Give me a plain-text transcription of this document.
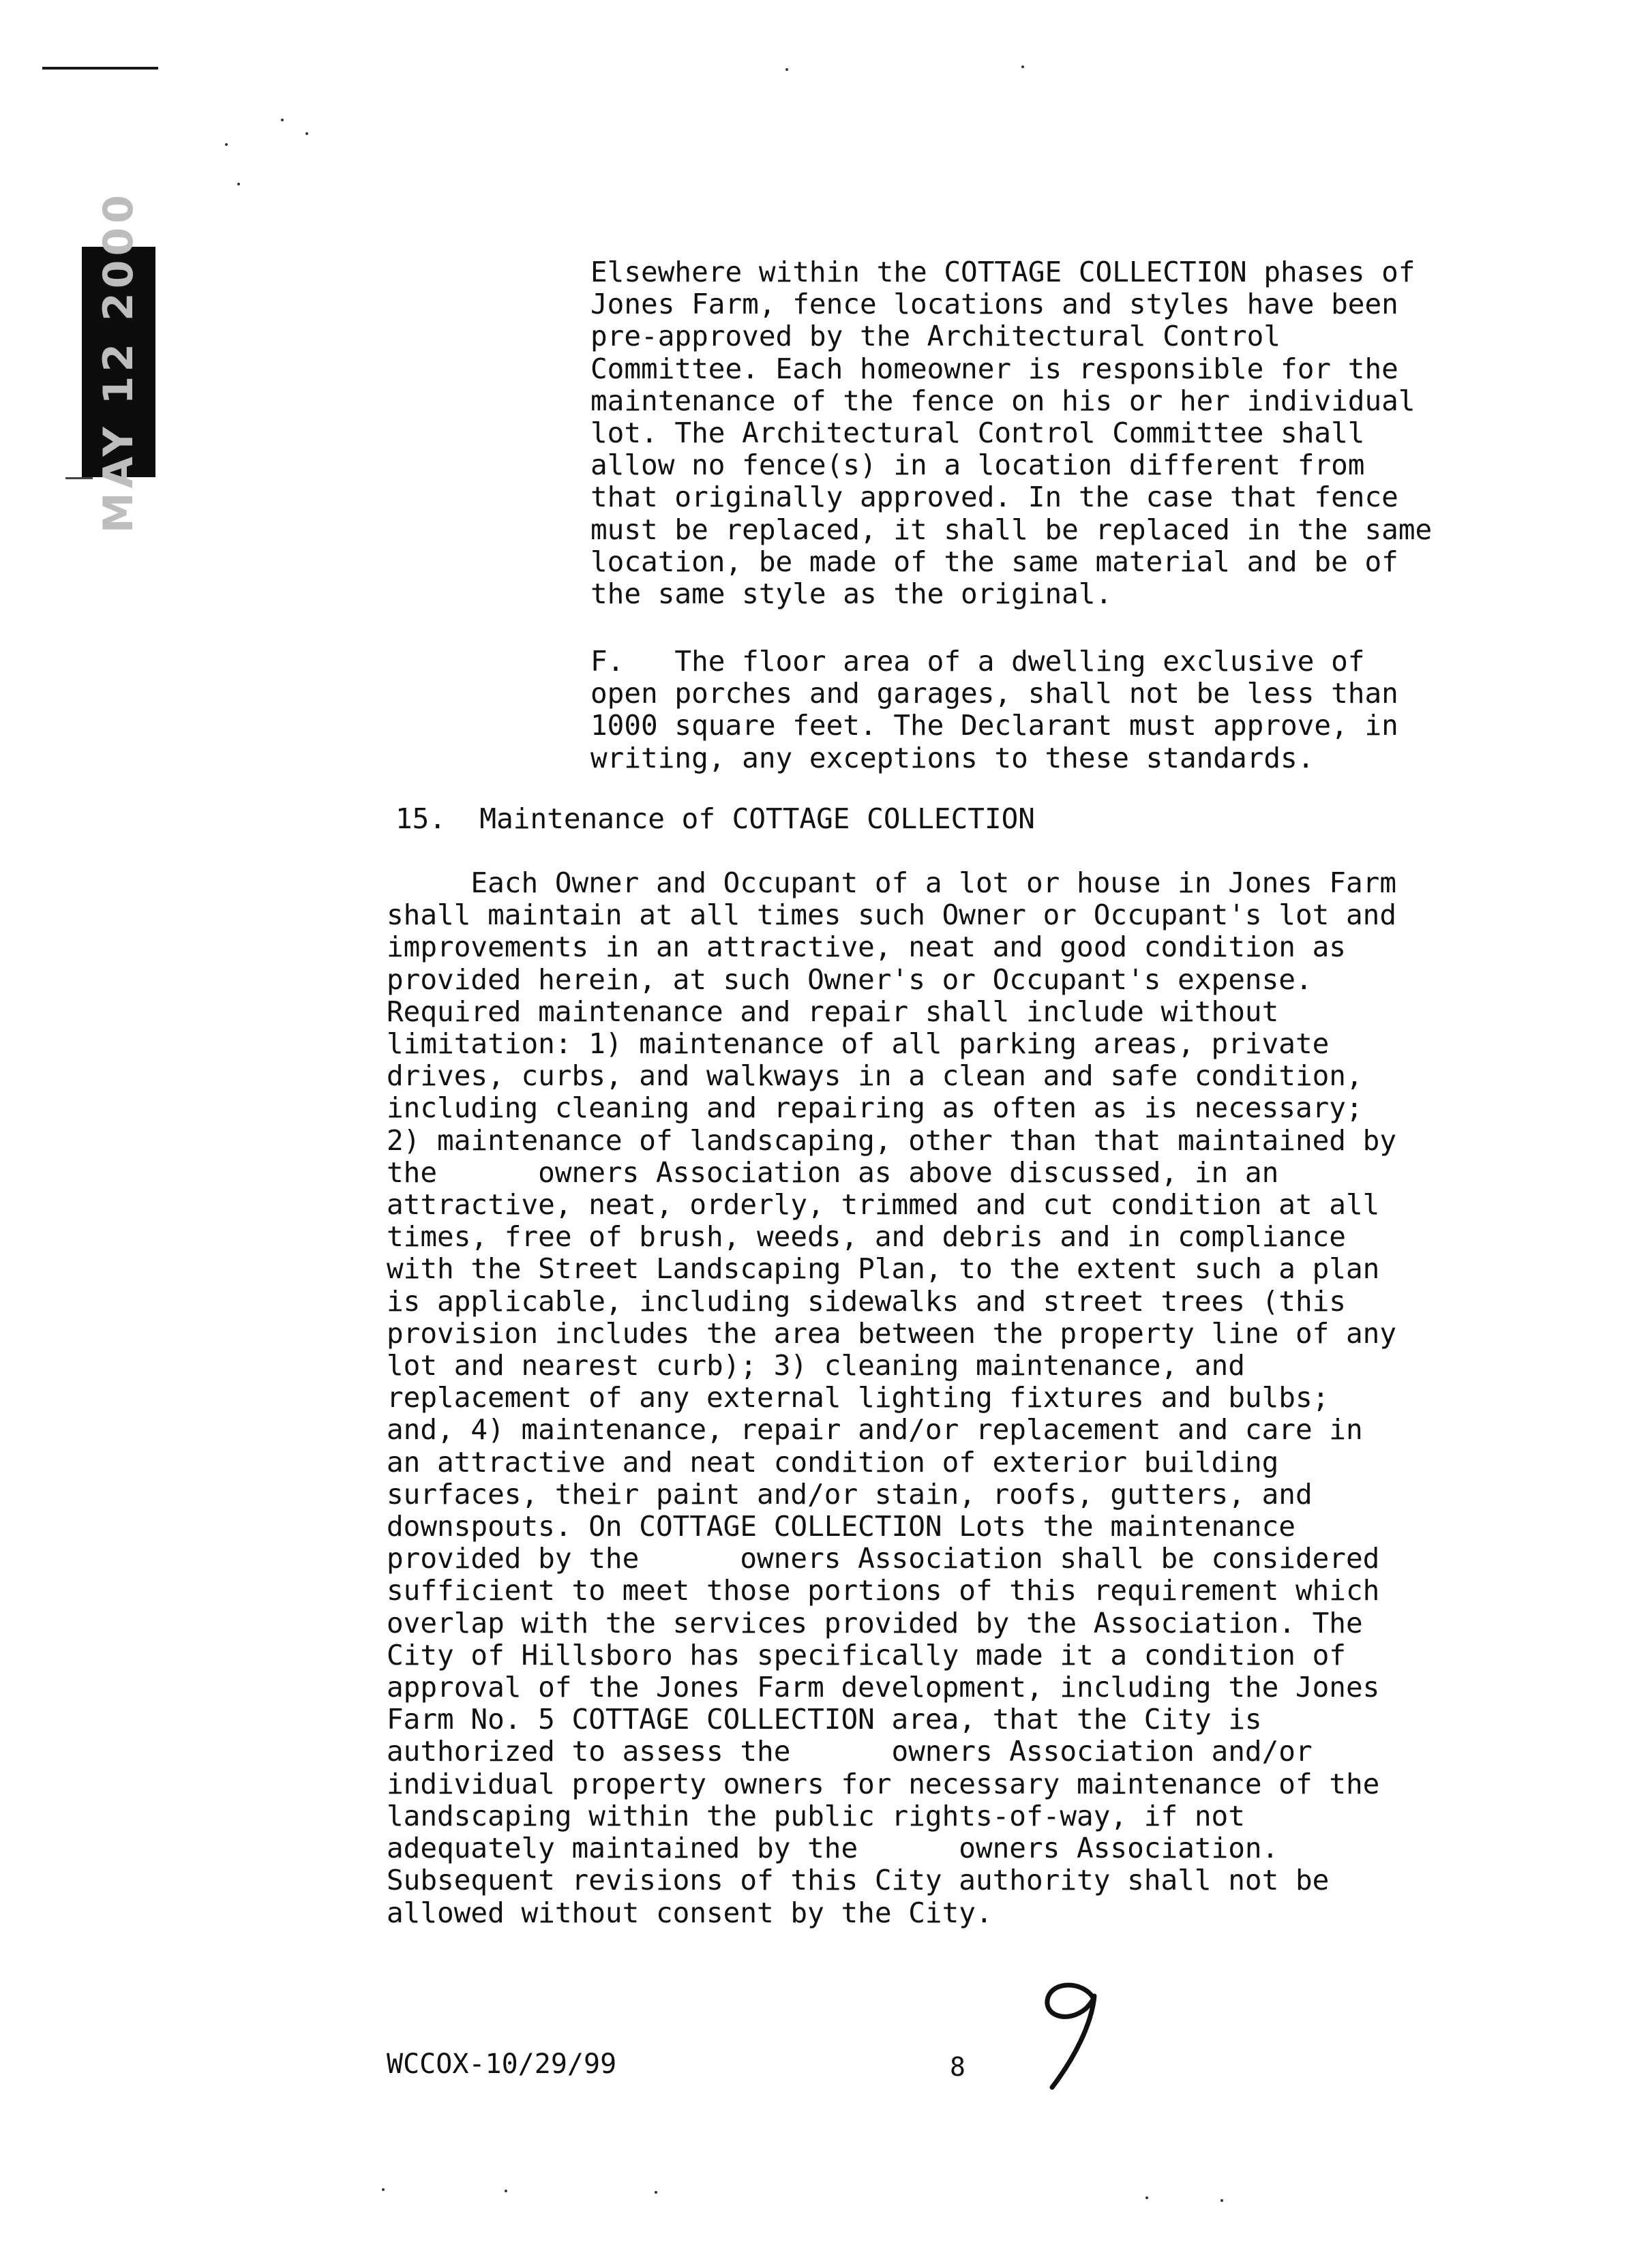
MAY 12 2000	Elsewhere within the COTTAGE COLLECTION phases of
Jones Farm, fence locations and styles have been
pre-approved by the Architectural Control
Committee. Each homeowner is responsible for the
maintenance of the fence on his or her individual
lot. The Architectural Control Committee shall
allow no fence(s) in a location different from
that originally approved. In the case that fence
must be replaced, it shall be replaced in the same
location, be made of the same material and be of
the same style as the original.
F.   The floor area of a dwelling exclusive of
open porches and garages, shall not be less than
1000 square feet. The Declarant must approve, in
writing, any exceptions to these standards.
15.  Maintenance of COTTAGE COLLECTION
Each Owner and Occupant of a lot or house in Jones Farm
shall maintain at all times such Owner or Occupant's lot and
improvements in an attractive, neat and good condition as
provided herein, at such Owner's or Occupant's expense.
Required maintenance and repair shall include without
limitation: 1) maintenance of all parking areas, private
drives, curbs, and walkways in a clean and safe condition,
including cleaning and repairing as often as is necessary;
2) maintenance of landscaping, other than that maintained by
the      owners Association as above discussed, in an
attractive, neat, orderly, trimmed and cut condition at all
times, free of brush, weeds, and debris and in compliance
with the Street Landscaping Plan, to the extent such a plan
is applicable, including sidewalks and street trees (this
provision includes the area between the property line of any
lot and nearest curb); 3) cleaning maintenance, and
replacement of any external lighting fixtures and bulbs;
and, 4) maintenance, repair and/or replacement and care in
an attractive and neat condition of exterior building
surfaces, their paint and/or stain, roofs, gutters, and
downspouts. On COTTAGE COLLECTION Lots the maintenance
provided by the      owners Association shall be considered
sufficient to meet those portions of this requirement which
overlap with the services provided by the Association. The
City of Hillsboro has specifically made it a condition of
approval of the Jones Farm development, including the Jones
Farm No. 5 COTTAGE COLLECTION area, that the City is
authorized to assess the      owners Association and/or
individual property owners for necessary maintenance of the
landscaping within the public rights-of-way, if not
adequately maintained by the      owners Association.
Subsequent revisions of this City authority shall not be
allowed without consent by the City.
WCCOX-10/29/99	8
